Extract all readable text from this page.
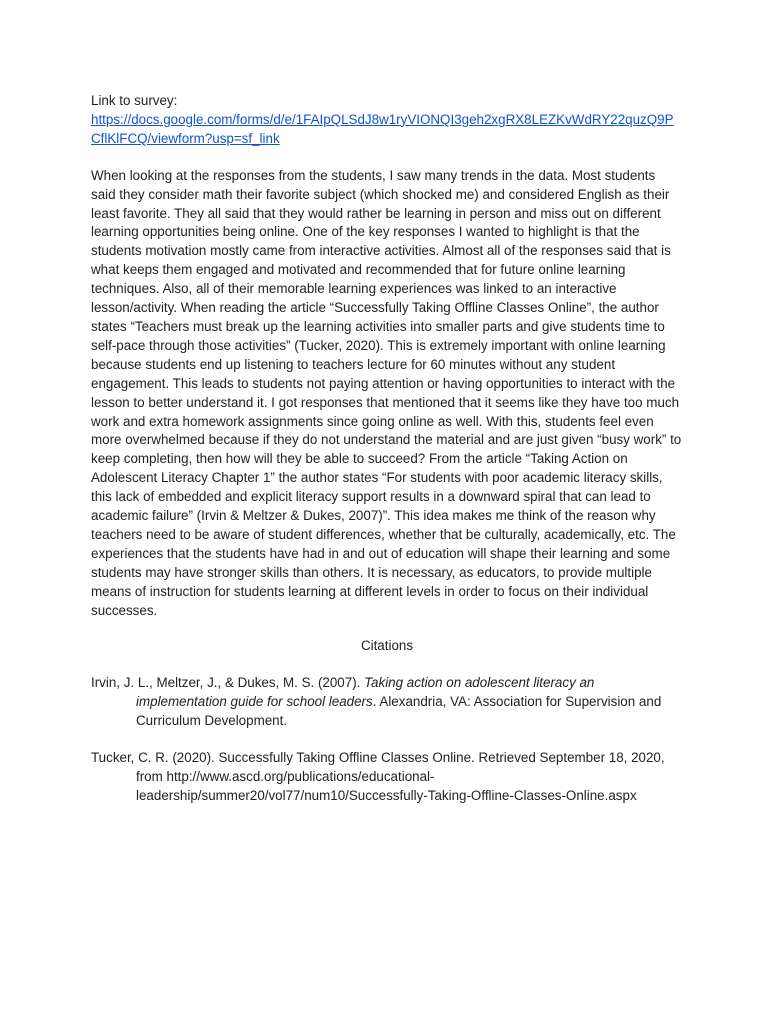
Link to survey:

https://docs.google.com/forms/d/e/1FAIpQLSdJ8w1ryVIONQI3geh2xgRX8LEZKvWdRY22quzQ9PCflKlFCQ/viewform?usp=sf_link

When looking at the responses from the students, I saw many trends in the data. Most students said they consider math their favorite subject (which shocked me) and considered English as their least favorite. They all said that they would rather be learning in person and miss out on different learning opportunities being online. One of the key responses I wanted to highlight is that the students motivation mostly came from interactive activities. Almost all of the responses said that is what keeps them engaged and motivated and recommended that for future online learning techniques. Also, all of their memorable learning experiences was linked to an interactive lesson/activity. When reading the article “Successfully Taking Offline Classes Online”, the author states “Teachers must break up the learning activities into smaller parts and give students time to self-pace through those activities” (Tucker, 2020). This is extremely important with online learning because students end up listening to teachers lecture for 60 minutes without any student engagement. This leads to students not paying attention or having opportunities to interact with the lesson to better understand it. I got responses that mentioned that it seems like they have too much work and extra homework assignments since going online as well. With this, students feel even more overwhelmed because if they do not understand the material and are just given “busy work” to keep completing, then how will they be able to succeed? From the article “Taking Action on Adolescent Literacy Chapter 1” the author states “For students with poor academic literacy skills, this lack of embedded and explicit literacy support results in a downward spiral that can lead to academic failure” (Irvin & Meltzer & Dukes, 2007)”. This idea makes me think of the reason why teachers need to be aware of student differences, whether that be culturally, academically, etc. The experiences that the students have had in and out of education will shape their learning and some students may have stronger skills than others. It is necessary, as educators, to provide multiple means of instruction for students learning at different levels in order to focus on their individual successes.

Citations

Irvin, J. L., Meltzer, J., & Dukes, M. S. (2007). Taking action on adolescent literacy an implementation guide for school leaders. Alexandria, VA: Association for Supervision and Curriculum Development.

Tucker, C. R. (2020). Successfully Taking Offline Classes Online. Retrieved September 18, 2020, from http://www.ascd.org/publications/educational-leadership/summer20/vol77/num10/Successfully-Taking-Offline-Classes-Online.aspx
